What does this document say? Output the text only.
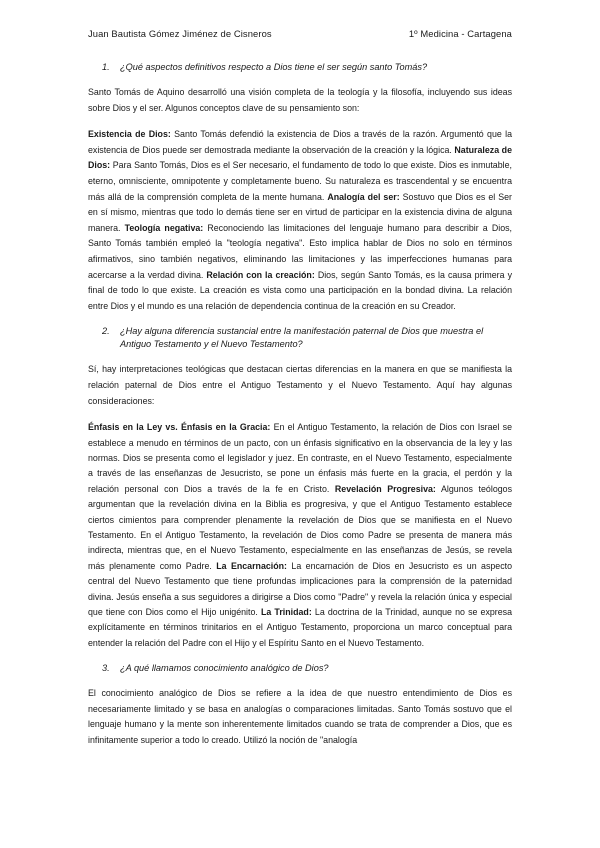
Juan Bautista Gómez Jiménez de Cisneros	1º Medicina - Cartagena
1.	¿Qué aspectos definitivos respecto a Dios tiene el ser según santo Tomás?

Santo Tomás de Aquino desarrolló una visión completa de la teología y la filosofía, incluyendo sus ideas sobre Dios y el ser. Algunos conceptos clave de su pensamiento son:

Existencia de Dios: Santo Tomás defendió la existencia de Dios a través de la razón. Argumentó que la existencia de Dios puede ser demostrada mediante la observación de la creación y la lógica. Naturaleza de Dios: Para Santo Tomás, Dios es el Ser necesario, el fundamento de todo lo que existe. Dios es inmutable, eterno, omnisciente, omnipotente y completamente bueno. Su naturaleza es trascendental y se encuentra más allá de la comprensión completa de la mente humana. Analogía del ser: Sostuvo que Dios es el Ser en sí mismo, mientras que todo lo demás tiene ser en virtud de participar en la existencia divina de alguna manera. Teología negativa: Reconociendo las limitaciones del lenguaje humano para describir a Dios, Santo Tomás también empleó la "teología negativa". Esto implica hablar de Dios no solo en términos afirmativos, sino también negativos, eliminando las limitaciones y las imperfecciones humanas para acercarse a la verdad divina. Relación con la creación: Dios, según Santo Tomás, es la causa primera y final de todo lo que existe. La creación es vista como una participación en la bondad divina. La relación entre Dios y el mundo es una relación de dependencia continua de la creación en su Creador.

2.	¿Hay alguna diferencia sustancial entre la manifestación paternal de Dios que muestra el Antiguo Testamento y el Nuevo Testamento?

Sí, hay interpretaciones teológicas que destacan ciertas diferencias en la manera en que se manifiesta la relación paternal de Dios entre el Antiguo Testamento y el Nuevo Testamento. Aquí hay algunas consideraciones:

Énfasis en la Ley vs. Énfasis en la Gracia: En el Antiguo Testamento, la relación de Dios con Israel se establece a menudo en términos de un pacto, con un énfasis significativo en la observancia de la ley y las normas. Dios se presenta como el legislador y juez. En contraste, en el Nuevo Testamento, especialmente a través de las enseñanzas de Jesucristo, se pone un énfasis más fuerte en la gracia, el perdón y la relación personal con Dios a través de la fe en Cristo. Revelación Progresiva: Algunos teólogos argumentan que la revelación divina en la Biblia es progresiva, y que el Antiguo Testamento establece ciertos cimientos para comprender plenamente la revelación de Dios que se manifiesta en el Nuevo Testamento. En el Antiguo Testamento, la revelación de Dios como Padre se presenta de manera más indirecta, mientras que, en el Nuevo Testamento, especialmente en las enseñanzas de Jesús, se revela más plenamente como Padre. La Encarnación: La encarnación de Dios en Jesucristo es un aspecto central del Nuevo Testamento que tiene profundas implicaciones para la comprensión de la paternidad divina. Jesús enseña a sus seguidores a dirigirse a Dios como "Padre" y revela la relación única y especial que tiene con Dios como el Hijo unigénito. La Trinidad: La doctrina de la Trinidad, aunque no se expresa explícitamente en términos trinitarios en el Antiguo Testamento, proporciona un marco conceptual para entender la relación del Padre con el Hijo y el Espíritu Santo en el Nuevo Testamento.

3.	¿A qué llamamos conocimiento analógico de Dios?

El conocimiento analógico de Dios se refiere a la idea de que nuestro entendimiento de Dios es necesariamente limitado y se basa en analogías o comparaciones limitadas. Santo Tomás sostuvo que el lenguaje humano y la mente son inherentemente limitados cuando se trata de comprender a Dios, que es infinitamente superior a todo lo creado. Utilizó la noción de "analogía
